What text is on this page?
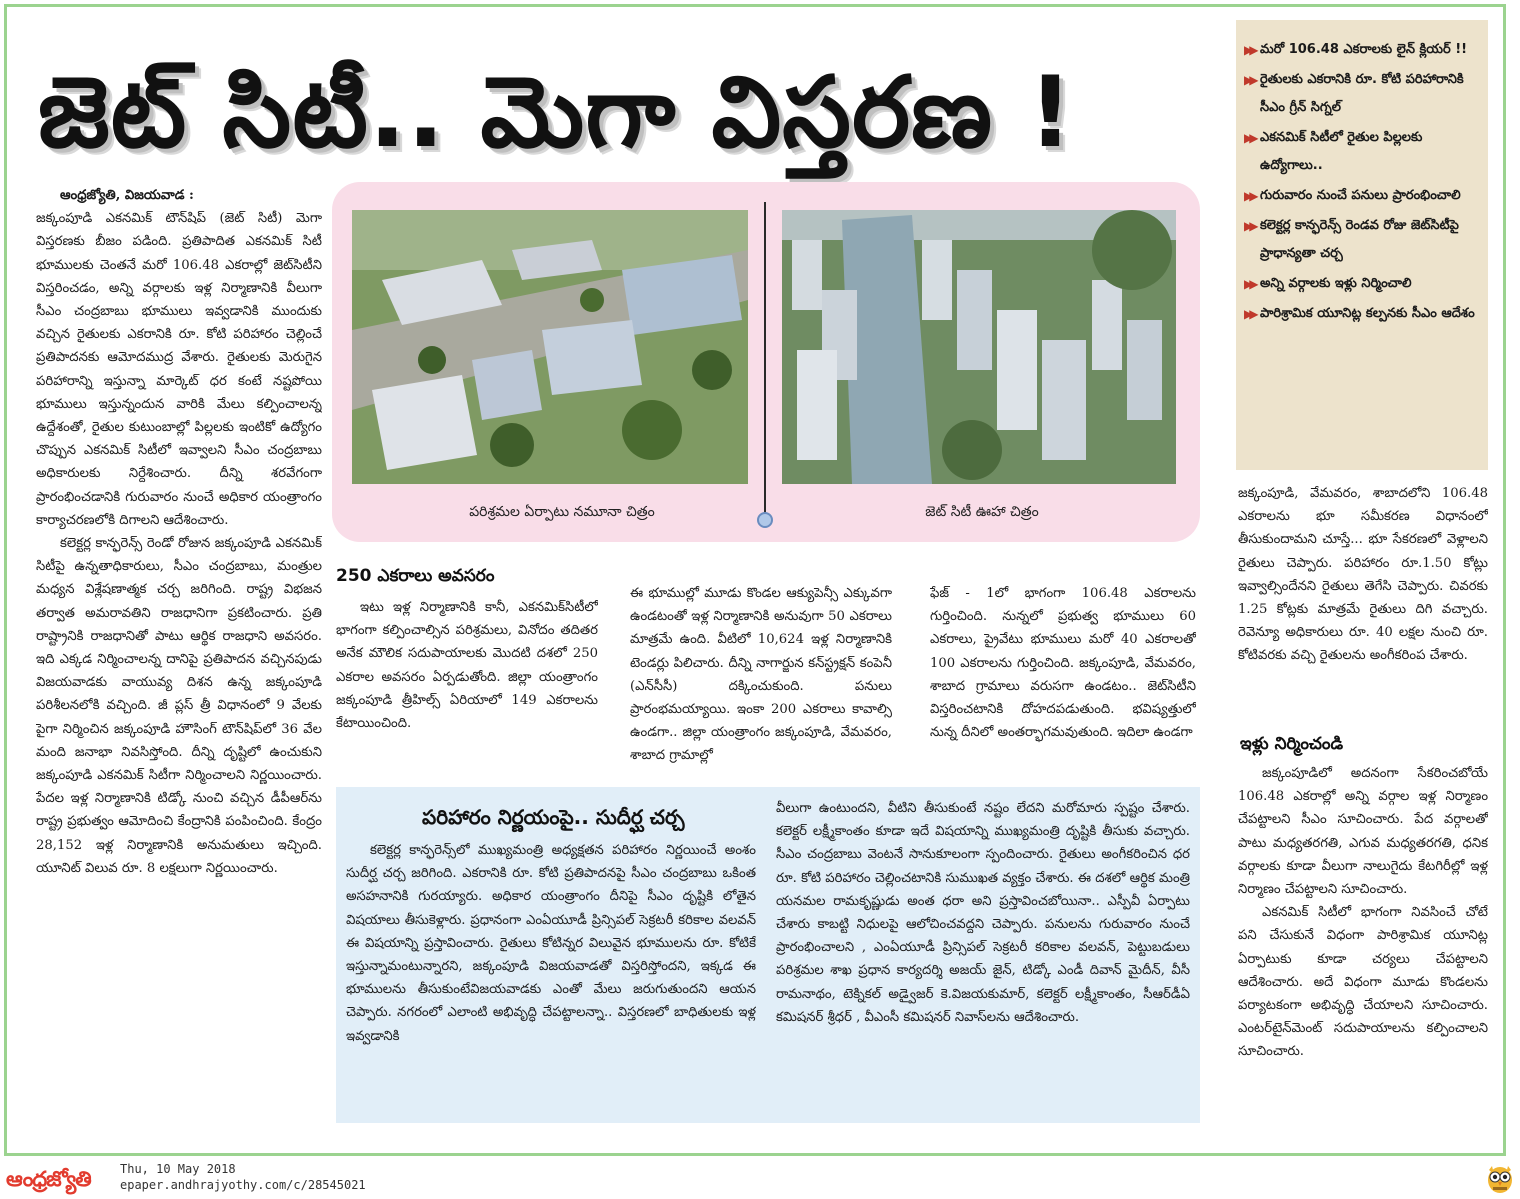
జెట్ సిటీ.. మెగా విస్తరణ !
▶▶ మరో 106.48 ఎకరాలకు లైన్ క్లియర్ !!
▶▶ రైతులకు ఎకరానికి రూ. కోటి పరిహారానికి సీఎం గ్రీన్ సిగ్నల్
▶▶ ఎకనమిక్ సిటీలో రైతుల పిల్లలకు ఉద్యోగాలు..
▶▶ గురువారం నుంచే పనులు ప్రారంభించాలి
▶▶ కలెక్టర్ల కాన్ఫరెన్స్ రెండవ రోజు జెట్‌సిటీపై ప్రాధాన్యతా చర్చ
▶▶ అన్ని వర్గాలకు ఇళ్లు నిర్మించాలి
▶▶ పారిశ్రామిక యూనిట్ల కల్పనకు సీఎం ఆదేశం

ఆంధ్రజ్యోతి, విజయవాడ :

జక్కంపూడి ఎకనమిక్ టౌన్‌షిప్ (జెట్ సిటీ) మెగా విస్తరణకు బీజం పడింది. ప్రతిపాదిత ఎకనమిక్ సిటీ భూములకు చెంతనే మరో 106.48 ఎకరాల్లో జెట్‌సిటీని విస్తరించడం, అన్ని వర్గాలకు ఇళ్ల నిర్మాణానికి వీలుగా సీఎం చంద్రబాబు భూములు ఇవ్వడానికి ముందుకు వచ్చిన రైతులకు ఎకరానికి రూ. కోటి పరిహారం చెల్లించే ప్రతిపాదనకు ఆమోదముద్ర వేశారు. రైతులకు మెరుగైన పరిహారాన్ని ఇస్తున్నా మార్కెట్ ధర కంటే నష్టపోయి భూములు ఇస్తున్నందున వారికి మేలు కల్పించాలన్న ఉద్దేశంతో, రైతుల కుటుంబాల్లో పిల్లలకు ఇంటికో ఉద్యోగం చొప్పున ఎకనమిక్ సిటీలో ఇవ్వాలని సీఎం చంద్రబాబు అధికారులకు నిర్దేశించారు. దీన్ని శరవేగంగా ప్రారంభించడానికి గురువారం నుంచే అధికార యంత్రాంగం కార్యాచరణలోకి దిగాలని ఆదేశించారు.

కలెక్టర్ల కాన్ఫరెన్స్ రెండో రోజున జక్కంపూడి ఎకనమిక్ సిటీపై ఉన్నతాధికారులు, సీఎం చంద్రబాబు, మంత్రుల మధ్యన విశ్లేషణాత్మక చర్చ జరిగింది. రాష్ట్ర విభజన తర్వాత అమరావతిని రాజధానిగా ప్రకటించారు. ప్రతి రాష్ట్రానికి రాజధానితో పాటు ఆర్థిక రాజధాని అవసరం. ఇది ఎక్కడ నిర్మించాలన్న దానిపై ప్రతిపాదన వచ్చినపుడు విజయవాడకు వాయువ్య దిశన ఉన్న జక్కంపూడి పరిశీలనలోకి వచ్చింది. జీ ప్లస్ త్రీ విధానంలో 9 వేలకు పైగా నిర్మించిన జక్కంపూడి హౌసింగ్ టౌన్‌షిప్‌లో 36 వేల మంది జనాభా నివసిస్తోంది. దీన్ని దృష్టిలో ఉంచుకుని జక్కంపూడి ఎకనమిక్ సిటీగా నిర్మించాలని నిర్ణయించారు. పేదల ఇళ్ల నిర్మాణానికి టిడ్కో నుంచి వచ్చిన డీపీఆర్‌ను రాష్ట్ర ప్రభుత్వం ఆమోదించి కేంద్రానికి పంపించింది. కేంద్రం 28,152 ఇళ్ల నిర్మాణానికి అనుమతులు ఇచ్చింది. యూనిట్ విలువ రూ. 8 లక్షలుగా నిర్ణయించారు.

పరిశ్రమల ఏర్పాటు నమూనా చిత్రం	జెట్ సిటీ ఊహా చిత్రం
250 ఎకరాలు అవసరం

ఇటు ఇళ్ల నిర్మాణానికి కానీ, ఎకనమిక్‌సిటీలో భాగంగా కల్పించాల్సిన పరిశ్రమలు, వినోదం తదితర అనేక మౌలిక సదుపాయాలకు మొదటి దశలో 250 ఎకరాల అవసరం ఏర్పడుతోంది. జిల్లా యంత్రాంగం జక్కంపూడి త్రీహిల్స్ ఏరియాలో 149 ఎకరాలను కేటాయించింది.

ఈ భూముల్లో మూడు కొండల ఆక్యుపెన్సీ ఎక్కువగా ఉండటంతో ఇళ్ల నిర్మాణానికి అనువుగా 50 ఎకరాలు మాత్రమే ఉంది. వీటిలో 10,624 ఇళ్ల నిర్మాణానికి టెండర్లు పిలిచారు. దీన్ని నాగార్జున కన్‌స్ట్రక్షన్ కంపెనీ (ఎన్‌సీసీ) దక్కించుకుంది. పనులు ప్రారంభమయ్యాయి. ఇంకా 200 ఎకరాలు కావాల్సి ఉండగా.. జిల్లా యంత్రాంగం జక్కంపూడి, వేమవరం, శాబాద గ్రామాల్లో

ఫేజ్ - 1లో భాగంగా 106.48 ఎకరాలను గుర్తించింది. నున్నలో ప్రభుత్వ భూములు 60 ఎకరాలు, ప్రైవేటు భూములు మరో 40 ఎకరాలతో 100 ఎకరాలను గుర్తించింది. జక్కంపూడి, వేమవరం, శాబాద గ్రామాలు వరుసగా ఉండటం.. జెట్‌సిటీని విస్తరించటానికి దోహదపడుతుంది. భవిష్యత్తులో నున్న దీనిలో అంతర్భాగమవుతుంది. ఇదిలా ఉండగా

పరిహారం నిర్ణయంపై.. సుదీర్ఘ చర్చ

కలెక్టర్ల కాన్ఫరెన్స్‌లో ముఖ్యమంత్రి అధ్యక్షతన పరిహారం నిర్ణయించే అంశం సుదీర్ఘ చర్చ జరిగింది. ఎకరానికి రూ. కోటి ప్రతిపాదనపై సీఎం చంద్రబాబు ఒకింత అసహనానికి గురయ్యారు. అధికార యంత్రాంగం దీనిపై సీఎం దృష్టికి లోతైన విషయాలు తీసుకెళ్లారు. ప్రధానంగా ఎంఏయూడీ ప్రిన్సిపల్ సెక్రటరీ కరికాల వలవన్ ఈ విషయాన్ని ప్రస్తావించారు. రైతులు కోటిన్నర విలువైన భూములను రూ. కోటికే ఇస్తున్నామంటున్నారని, జక్కంపూడి విజయవాడతో విస్తరిస్తోందని, ఇక్కడ ఈ భూములను తీసుకుంటేవిజయవాడకు ఎంతో మేలు జరుగుతుందని ఆయన చెప్పారు. నగరంలో ఎలాంటి అభివృద్ధి చేపట్టాలన్నా.. విస్తరణలో బాధితులకు ఇళ్ల ఇవ్వడానికి

వీలుగా ఉంటుందని, వీటిని తీసుకుంటే నష్టం లేదని మరోమారు స్పష్టం చేశారు. కలెక్టర్ లక్ష్మీకాంతం కూడా ఇదే విషయాన్ని ముఖ్యమంత్రి దృష్టికి తీసుకు వచ్చారు. సీఎం చంద్రబాబు వెంటనే సానుకూలంగా స్పందించారు. రైతులు అంగీకరించిన ధర రూ. కోటి పరిహారం చెల్లించటానికి సుముఖత వ్యక్తం చేశారు. ఈ దశలో ఆర్థిక మంత్రి యనమల రామకృష్ణుడు అంత ధరా అని ప్రస్తావించబోయినా.. ఎస్పీవీ ఏర్పాటు చేశారు కాబట్టి నిధులపై ఆలోచించవద్దని చెప్పారు. పనులను గురువారం నుంచే ప్రారంభించాలని , ఎంఏయూడీ ప్రిన్సిపల్ సెక్రటరీ కరికాల వలవన్, పెట్టుబడులు పరిశ్రమల శాఖ ప్రధాన కార్యదర్శి అజయ్ జైన్, టిడ్కో ఎండీ దివాన్ మైదీన్, వీసీ రామనాథం, టెక్నికల్ అడ్వైజర్ కె.విజయకుమార్, కలెక్టర్ లక్ష్మీకాంతం, సీఆర్‌డీఏ కమిషనర్ శ్రీధర్ , వీఎంసీ కమిషనర్ నివాస్‌లను ఆదేశించారు.

జక్కంపూడి, వేమవరం, శాబాదలోని 106.48 ఎకరాలను భూ సమీకరణ విధానంలో తీసుకుందామని చూస్తే... భూ సేకరణలో వెళ్లాలని రైతులు చెప్పారు. పరిహారం రూ.1.50 కోట్లు ఇవ్వాల్సిందేనని రైతులు తెగేసి చెప్పారు. చివరకు 1.25 కోట్లకు మాత్రమే రైతులు దిగి వచ్చారు. రెవెన్యూ అధికారులు రూ. 40 లక్షల నుంచి రూ. కోటివరకు వచ్చి రైతులను అంగీకరింప చేశారు.

ఇళ్లు నిర్మించండి

జక్కంపూడిలో అదనంగా సేకరించబోయే 106.48 ఎకరాల్లో అన్ని వర్గాల ఇళ్ల నిర్మాణం చేపట్టాలని సీఎం సూచించారు. పేద వర్గాలతో పాటు మధ్యతరగతి, ఎగువ మధ్యతరగతి, ధనిక వర్గాలకు కూడా వీలుగా నాలుగైదు కేటగిరీల్లో ఇళ్ల నిర్మాణం చేపట్టాలని సూచించారు.

ఎకనమిక్ సిటీలో భాగంగా నివసించే చోటే పని చేసుకునే విధంగా పారిశ్రామిక యూనిట్ల ఏర్పాటుకు కూడా చర్యలు చేపట్టాలని ఆదేశించారు. అదే విధంగా మూడు కొండలను పర్యాటకంగా అభివృద్ధి చేయాలని సూచించారు. ఎంటర్‌టైన్‌మెంట్ సదుపాయాలను కల్పించాలని సూచించారు.

ఆంధ్రజ్యోతి	Thu, 10 May 2018
epaper.andhrajyothy.com/c/28545021
